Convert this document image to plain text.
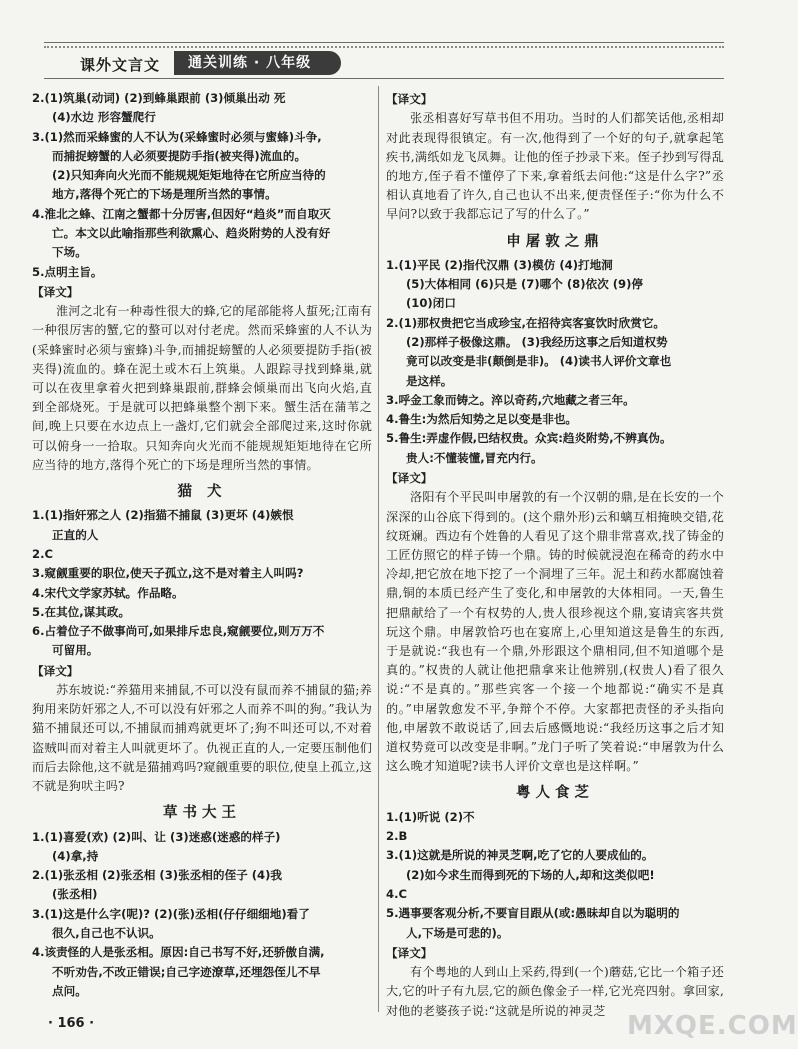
课外文言文	通关训练 · 八年级
2.(1)筑巢(动词) (2)到蜂巢跟前 (3)倾巢出动 死
(4)水边 形容蟹爬行
3.(1)然而采蜂蜜的人不认为(采蜂蜜时必须与蜜蜂)斗争,
而捕捉螃蟹的人必须要提防手指(被夹得)流血的。
(2)只知奔向火光而不能规规矩矩地待在它所应当待的
地方,落得个死亡的下场是理所当然的事情。
4.淮北之蜂、江南之蟹都十分厉害,但因好“趋炎”而自取灭
亡。本文以此喻指那些利欲熏心、趋炎附势的人没有好
下场。
5.点明主旨。
【译文】
淮河之北有一种毒性很大的蜂,它的尾部能将人蜇死;江南有一种很厉害的蟹,它的螯可以对付老虎。然而采蜂蜜的人不认为(采蜂蜜时必须与蜜蜂)斗争,而捕捉螃蟹的人必须要提防手指(被夹得)流血的。蜂在泥土或木石上筑巢。人跟踪寻找到蜂巢,就可以在夜里拿着火把到蜂巢跟前,群蜂会倾巢而出飞向火焰,直到全部烧死。于是就可以把蜂巢整个割下来。蟹生活在蒲苇之间,晚上只要在水边点上一盏灯,它们就会全部爬过来,这时你就可以俯身一一拾取。只知奔向火光而不能规规矩矩地待在它所应当待的地方,落得个死亡的下场是理所当然的事情。
猫 犬
1.(1)指奸邪之人 (2)指猫不捕鼠 (3)更坏 (4)嫉恨
正直的人
2.C
3.窥觎重要的职位,使天子孤立,这不是对着主人叫吗?
4.宋代文学家苏轼。作品略。
5.在其位,谋其政。
6.占着位子不做事尚可,如果排斥忠良,窥觎要位,则万万不
可留用。
【译文】
苏东坡说:“养猫用来捕鼠,不可以没有鼠而养不捕鼠的猫;养狗用来防奸邪之人,不可以没有奸邪之人而养不叫的狗。”我认为猫不捕鼠还可以,不捕鼠而捕鸡就更坏了;狗不叫还可以,不对着盗贼叫而对着主人叫就更坏了。仇视正直的人,一定要压制他们而后去除他,这不就是猫捕鸡吗?窥觎重要的职位,使皇上孤立,这不就是狗吠主吗?
草书大王
1.(1)喜爱(欢) (2)叫、让 (3)迷惑(迷惑的样子)
(4)拿,持
2.(1)张丞相 (2)张丞相 (3)张丞相的侄子 (4)我
(张丞相)
3.(1)这是什么字(呢)? (2)(张)丞相(仔仔细细地)看了
很久,自己也不认识。
4.该责怪的人是张丞相。原因:自己书写不好,还骄傲自满,
不听劝告,不改正错误;自己字迹潦草,还埋怨侄儿不早
点问。
【译文】
张丞相喜好写草书但不用功。当时的人们都笑话他,丞相却对此表现得很镇定。有一次,他得到了一个好的句子,就拿起笔疾书,满纸如龙飞凤舞。让他的侄子抄录下来。侄子抄到写得乱的地方,侄子看不懂停了下来,拿着纸去问他:“这是什么字?”丞相认真地看了许久,自己也认不出来,便责怪侄子:“你为什么不早问?以致于我都忘记了写的什么了。”
申屠敦之鼎
1.(1)平民 (2)指代汉鼎 (3)模仿 (4)打地洞
(5)大体相同 (6)只是 (7)哪个 (8)依次 (9)停
(10)闭口
2.(1)那权贵把它当成珍宝,在招待宾客宴饮时欣赏它。
(2)那样子极像这鼎。 (3)我经历这事之后知道权势
竟可以改变是非(颠倒是非)。 (4)读书人评价文章也
是这样。
3.呼金工象而铸之。淬以奇药,穴地藏之者三年。
4.鲁生:为然后知势之足以变是非也。
5.鲁生:弄虚作假,巴结权贵。众宾:趋炎附势,不辨真伪。
贵人:不懂装懂,冒充内行。
【译文】
洛阳有个平民叫申屠敦的有一个汉朝的鼎,是在长安的一个深深的山谷底下得到的。(这个鼎外形)云和螭互相掩映交错,花纹斑斓。西边有个姓鲁的人看见了这个鼎非常喜欢,找了铸金的工匠仿照它的样子铸一个鼎。铸的时候就浸泡在稀奇的药水中冷却,把它放在地下挖了一个洞埋了三年。泥土和药水都腐蚀着鼎,铜的本质已经产生了变化,和申屠敦的大体相同。一天,鲁生把鼎献给了一个有权势的人,贵人很珍视这个鼎,宴请宾客共赏玩这个鼎。申屠敦恰巧也在宴席上,心里知道这是鲁生的东西,于是就说:“我也有一个鼎,外形跟这个鼎相同,但不知道哪个是真的。”权贵的人就让他把鼎拿来让他辨别,(权贵人)看了很久说:“不是真的。”那些宾客一个接一个地都说:“确实不是真的。”申屠敦愈发不平,争辩个不停。大家都把责怪的矛头指向他,申屠敦不敢说话了,回去后感慨地说:“我经历这事之后才知道权势竟可以改变是非啊。”龙门子听了笑着说:“申屠敦为什么这么晚才知道呢?读书人评价文章也是这样啊。”
粤人食芝
1.(1)听说 (2)不
2.B
3.(1)这就是所说的神灵芝啊,吃了它的人要成仙的。
(2)如今求生而得到死的下场的人,却和这类似吧!
4.C
5.遇事要客观分析,不要盲目跟从(或:愚昧却自以为聪明的
人,下场是可悲的)。
【译文】
有个粤地的人到山上采药,得到(一个)蘑菇,它比一个箱子还大,它的叶子有九层,它的颜色像金子一样,它光亮四射。拿回家,对他的老婆孩子说:“这就是所说的神灵芝
· 166 ·	MXQE.COM
